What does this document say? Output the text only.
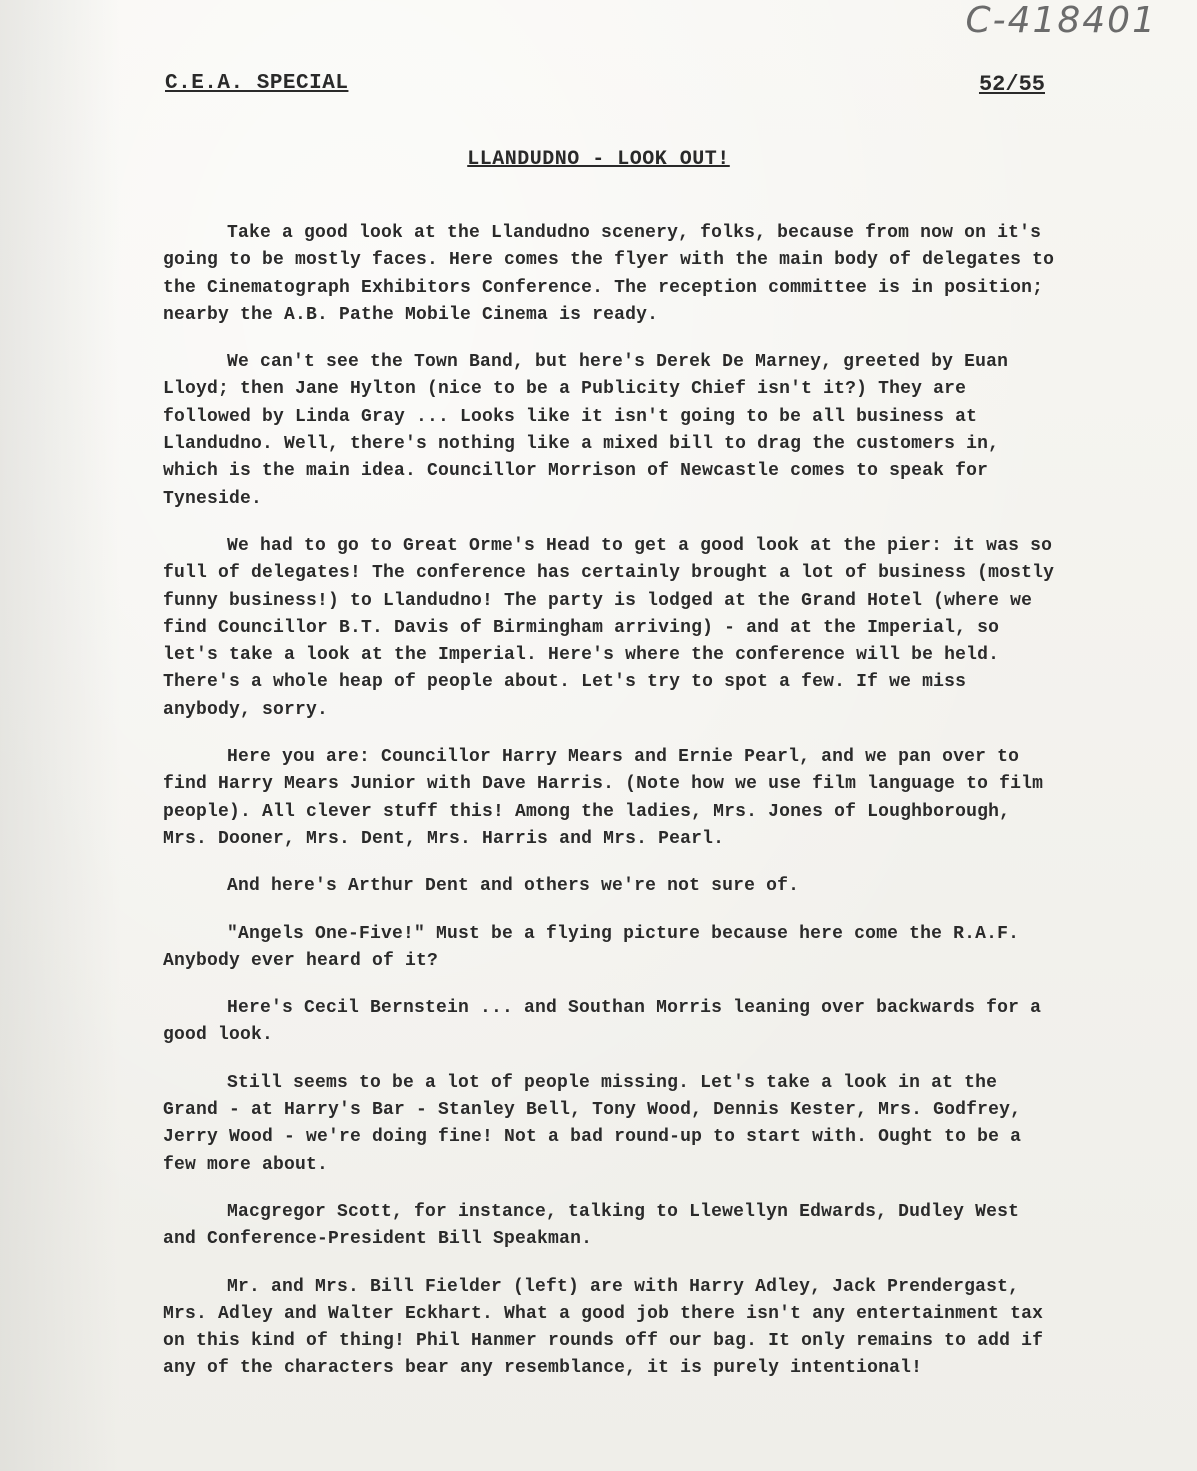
C-418401
C.E.A. SPECIAL	52/55
LLANDUDNO - LOOK OUT!

Take a good look at the Llandudno scenery, folks, because from now on it's going to be mostly faces. Here comes the flyer with the main body of delegates to the Cinematograph Exhibitors Conference. The reception committee is in position; nearby the A.B. Pathe Mobile Cinema is ready.

We can't see the Town Band, but here's Derek De Marney, greeted by Euan Lloyd; then Jane Hylton (nice to be a Publicity Chief isn't it?) They are followed by Linda Gray ... Looks like it isn't going to be all business at Llandudno. Well, there's nothing like a mixed bill to drag the customers in, which is the main idea. Councillor Morrison of Newcastle comes to speak for Tyneside.

We had to go to Great Orme's Head to get a good look at the pier: it was so full of delegates! The conference has certainly brought a lot of business (mostly funny business!) to Llandudno! The party is lodged at the Grand Hotel (where we find Councillor B.T. Davis of Birmingham arriving) - and at the Imperial, so let's take a look at the Imperial. Here's where the conference will be held. There's a whole heap of people about. Let's try to spot a few. If we miss anybody, sorry.

Here you are: Councillor Harry Mears and Ernie Pearl, and we pan over to find Harry Mears Junior with Dave Harris. (Note how we use film language to film people). All clever stuff this! Among the ladies, Mrs. Jones of Loughborough, Mrs. Dooner, Mrs. Dent, Mrs. Harris and Mrs. Pearl.

And here's Arthur Dent and others we're not sure of.

"Angels One-Five!" Must be a flying picture because here come the R.A.F. Anybody ever heard of it?

Here's Cecil Bernstein ... and Southan Morris leaning over backwards for a good look.

Still seems to be a lot of people missing. Let's take a look in at the Grand - at Harry's Bar - Stanley Bell, Tony Wood, Dennis Kester, Mrs. Godfrey, Jerry Wood - we're doing fine! Not a bad round-up to start with. Ought to be a few more about.

Macgregor Scott, for instance, talking to Llewellyn Edwards, Dudley West and Conference-President Bill Speakman.

Mr. and Mrs. Bill Fielder (left) are with Harry Adley, Jack Prendergast, Mrs. Adley and Walter Eckhart. What a good job there isn't any entertainment tax on this kind of thing! Phil Hanmer rounds off our bag. It only remains to add if any of the characters bear any resemblance, it is purely intentional!
